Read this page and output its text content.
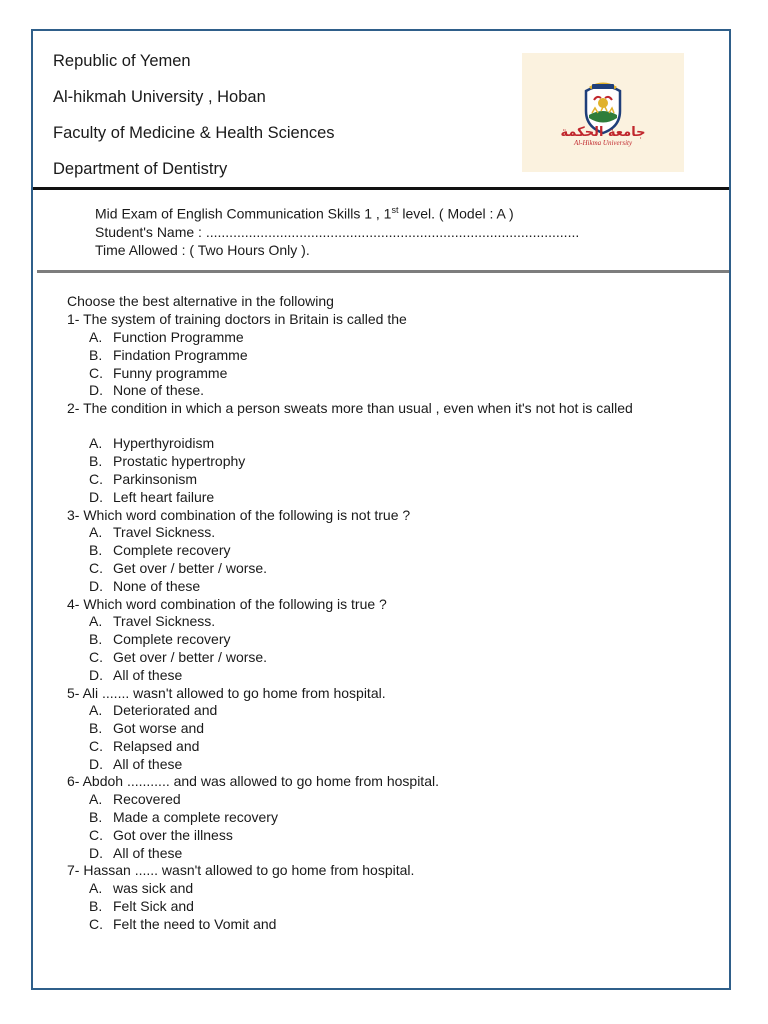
Republic of Yemen
Al-hikmah University , Hoban
Faculty of Medicine & Health Sciences
Department of Dentistry
جامعة الحكمة
Al-Hikma University
Mid Exam of English Communication Skills 1 , 1st level. ( Model : A )
Student's Name : ................................................................................................
Time Allowed : ( Two Hours Only ).
Choose the best alternative in the following
1- The system of training doctors in Britain is called the
A. Function Programme
B. Findation Programme
C. Funny programme
D. None of these.
2- The condition in which a person sweats more than usual , even when it's not hot is called
A. Hyperthyroidism
B. Prostatic hypertrophy
C. Parkinsonism
D. Left heart failure
3- Which word combination of the following is not true ?
A. Travel Sickness.
B. Complete recovery
C. Get over / better / worse.
D. None of these
4- Which word combination of the following is true ?
A. Travel Sickness.
B. Complete recovery
C. Get over / better / worse.
D. All of these
5- Ali ....... wasn't allowed to go home from hospital.
A. Deteriorated and
B. Got worse and
C. Relapsed and
D. All of these
6- Abdoh ........... and was allowed to go home from hospital.
A. Recovered
B. Made a complete recovery
C. Got over the illness
D. All of these
7- Hassan ...... wasn't allowed to go home from hospital.
A. was sick and
B. Felt Sick and
C. Felt the need to Vomit and
